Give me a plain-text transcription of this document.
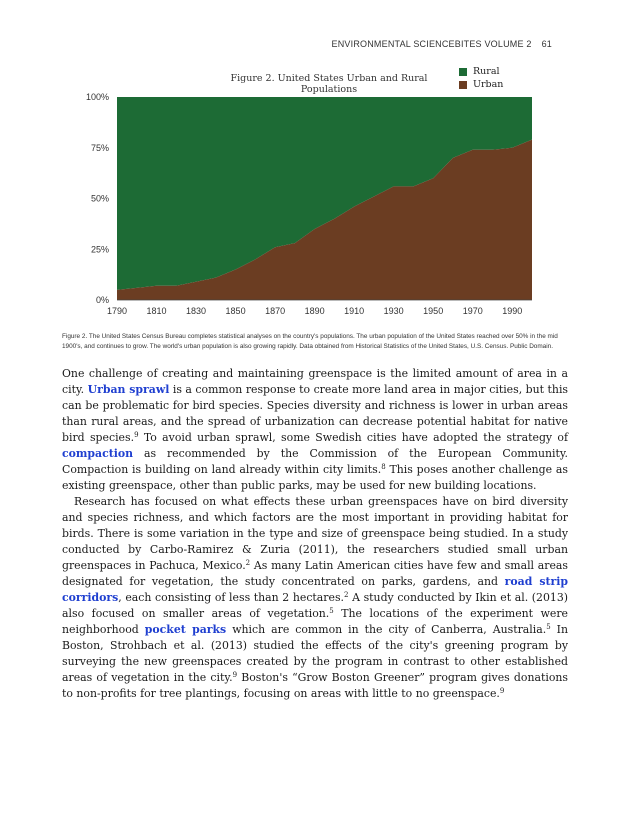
ENVIRONMENTAL SCIENCEBITES VOLUME 2 61
0%
25%
50%
75%
100%
1790 1810 1830 1850 1870 1890 1910 1930 1950 1970 1990
Figure 2. United States Urban and Rural Populations
Rural
Urban
Figure 2. The United States Census Bureau completes statistical analyses on the country's populations. The urban population of the United States reached over 50% in the mid 1900's, and continues to grow. The world's urban population is also growing rapidly. Data obtained from Historical Statistics of the United States, U.S. Census. Public Domain.

One challenge of creating and maintaining greenspace is the limited amount of area in a city. Urban sprawl is a common response to create more land area in major cities, but this can be problematic for bird species. Species diversity and richness is lower in urban areas than rural areas, and the spread of urbanization can decrease potential habitat for native bird species.$^9$ To avoid urban sprawl, some Swedish cities have adopted the strategy of compaction as recommended by the Commission of the European Community. Compaction is building on land already within city limits.$^8$ This poses another challenge as existing greenspace, other than public parks, may be used for new building locations.

Research has focused on what effects these urban greenspaces have on bird diversity and species richness, and which factors are the most important in providing habitat for birds. There is some variation in the type and size of greenspace being studied. In a study conducted by Carbo-Ramirez & Zuria (2011), the researchers studied small urban greenspaces in Pachuca, Mexico.$^2$ As many Latin American cities have few and small areas designated for vegetation, the study concentrated on parks, gardens, and road strip corridors, each consisting of less than 2 hectares.$^2$ A study conducted by Ikin et al. (2013) also focused on smaller areas of vegetation.$^5$ The locations of the experiment were neighborhood pocket parks which are common in the city of Canberra, Australia.$^5$ In Boston, Strohbach et al. (2013) studied the effects of the city's greening program by surveying the new greenspaces created by the program in contrast to other established areas of vegetation in the city.$^9$ Boston's “Grow Boston Greener” program gives donations to non-profits for tree plantings, focusing on areas with little to no greenspace.$^9$
